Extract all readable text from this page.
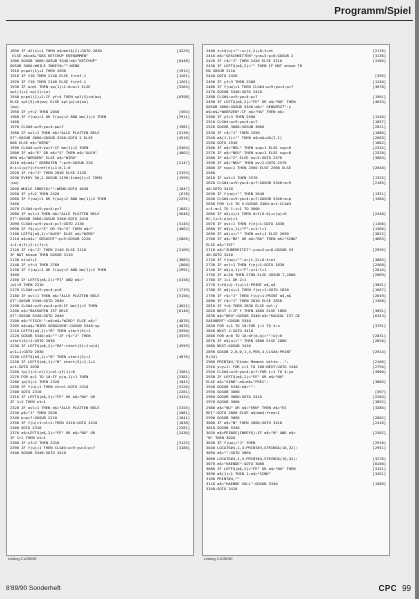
Programm/Spiel
1890 IF d2(n)=1 THEN a$=mel$(2):GOTO 2030	[4229]
ELSE a$=a$+"DAS KETCHUP ENTNOMMEN"
1900 GOSUB 3060:GOSUB 5340:a$="KETCHUP"	[6448]
GOSUB 3060:WHILE INKEY$="":WEND
1910 p=pol(1)+1 THEN 2030	[1912]
1910 IF f10 THEN 2140 ELSE f=ref-1	[1261]
1920 IF f10 THEN 2140 ELSE f=ref-1	[1261]
1930 IF w=ml THEN sp(1)=1:d=w=1 ELSE	[5384]
spl(1)+1 sp(1)=(w)
1940 p=pol(1)+1:IF yf=4 THEN spl(5)=d(ow)	[6398]
ELSE spl(5)=d(ow) ELSE spl(p)=d(ow)
(ow)
1950 IF yf=2 THEN 2050	[564]
1960 IF f(uw)=1 OR f(uw)=2 AND bm(1)=2 THEN	[2911]
1460
1970 CLS#4:w=9:yw=4:pw=7	[1981]
1980 IF ovl=1 THEN a$="ALLE PLATTEN BELE	[5136]
GT":GOSUB 3060:GOSUB 5340:GOTO 2 ELSE	[4518]
000 ELSE a$="WIRD"
1990 CLS#4:w=9:yw=7:IF bm(1)=2 THEN	[5364]
2000 IF a$="E" OR a$="S" THEN a$="AUCH"	[4062]
HEN a$="WERDEN" ELSE a$="WIRD"
2010 a$=a$+" GEBRATEN ":p=9:GOSUB 220	[2147]
0:i=1:p(f)=f=ref(n)+1:0,1:0
2020 IF r$="J" THEN 2030 ELSE 2120	[3153]
2030 EVERY 50,2 GOSUB 2190:I=bm(1)=2 THEN	[1999]
(uw)
2040 WHILE INKEY$="":WEND:GOTO 4040	[1847]
2050 IF yf=2 THEN 2420	[678]
2060 IF f(uw)=1 OR f(uw)=2 AND bm(1)=2 THEN	[2291]
3460
2070 CLS#4:w=9:yw=4:p=7	[1681]
2080 IF ovl=1 THEN a$="ALLE PLATTEN BELE	[5046]
GT":GOSUB 3060:GOSUB 5340:GOTO 3410
2090 CLS#4:w=9:yw=4:p=7:GOTO 2130	[3145]
2090 IF f$(u)="E" OR f$="S" THEN a$="	[4062]
2100 LEFT$(a$,1)="AUCH" ELSE a$="WIRD"
2110 a$=a$+" GEKOCHT":p=9:GOSUB 2220	[2805]
i=1:d(f)=2:i(f)=1
2120 IF r$="J" THEN 2140 ELSE 3110	[2109]
IF NOT answe THEN GOSUB 3110
2130 ol=ol+1	[3083]
2140 IF yf=4 THEN 2760	[860]
2150 IF f(uw)=1 OR f(uw)=2 AND bm(1)=2 THEN	[2991]
3460
2160 IF LEFT$(a$,2)="PI" AND a$="	[4158]
(w)=9 THEN 2210
2170 CLS#4:w=9:yw=4:p=8	[1719]
2180 IF ovl=1 THEN a$="ALLE PLATTEN BELE	[5156]
GT":GOSUB 5340:GOTO 2040
2190 CLS#4:w=9:yw=4:p=8:IF bm(1)=2 THEN	[4021]
2200 a$="BACKOFEN IST BELE	[6140]
GT":GOSUB 5340:GOTO 2040
2200 a$="FISCH ":a$=a$+"WIRD" ELSE a$="	[4076]
2205 a$=a$+"WIRD GEBACKEN":GOSUB 5340:sp	[4076]
2210 LEFT$(a$,1)="B" THEN start(5)=1	[5590]
2220 GOSUB 5340:a$="":IF r$="J" THEN	[4559]
start(5)=1:GOTO 2030
2230 IF LEFT$(a$,2)="BA":start(5)=1:m(d)	[4559]
w=1+1:GOTO 2030
2240 LEFT$(a$,1)="B" THEN start(5)=1	[4876]
2250 IF LEFT$(a$,1)="B" start(5)=1,1+1
w=1:GOTO 2030
2260 lp(1)=1:nl(1)=ol:yf(1)=0	[1581]
2270 FOR q=1 TO 10:IF p(q,1)=1 THEN	[2381]
2280 ip(5)=1 THEN 2320	[1042]
2290 IF f(u)=1 THEN nt=nl:GOTO 2310	[5120]
2300 GOTO 2310	[2281]
2310 IF LEFT$(a$,2)="FE" OR a$="NU" OR	[3434]
IF 1=1 THEN nt=1
2320 IF ovl=1 THEN a$="ALLE PLATTEN BELE	[3155]
2330 p$="J" THEN 2030	[2081]
2340 p=p=7:GOSUB 2210	[1041]
2350 IF f(u)=1:nl=1:THEN 2410:GOTO 2410	[1038]
2360 GOTO 2310	[2281]
2370 a$=LEFT$(a$,2)="FE" OR a$="NU" OR	[2430]
IF 1=1 THEN nt=1
2380 IF yf=2 THEN 2410	[3125]
2390 IF f(u)=1 THEN CLS#4:w=9:yw=4:p=7	[3186]
2400 GOSUB 5340:GOTO 3410
2400 t=t$(u)="":u=(t,2)+0:t=nt	[2176]
2410 a$="GESCHNITTEN":y=m+5:p=8:GOSUB 2	[3136]
2420 IF r$="J" THEN 2420 ELSE 3110	[3105]
2430 IF LEFT$(a$,2)="" THEN IF NOT answe TH
EN GOSUB 3110
2440 GOTO 2420	[395]
2450 IF yf=3 THEN 2500	[1240]
2460 IF f(uw)=1 THEN CLS#4:w=9:yw=4:p=7	[3078]
2470 GOSUB 5340:GOTO 3410
2480 CLS#4:w=9:yw=4:p=7	[1901]
2490 IF LEFT$(a$,2)="FE" OR a$="NU" THEN	[4633]
GOSUB 3060:GOSUB 5340:a$=" GEWUERZT":y
a$=a$+"WUERZEN":IF a$="HA" THEN a$=
2500 IF yf=3 THEN 2500	[1240]
2510 CLS#4:w=9:yw=4:p=7	[1857]
2520 GOSUB 3060:GOSUB 3060	[2021]
2530 IF r$="J" THEN 2550	[1086]
2540 a$(1,1)="" THEN a$=a$+d$(2,1)	[2683]
2550 GOTO 2530	[1082]
2560 IF a$="BEL" THEN sup=1 ELSE sup=0	[2332]
2570 IF a$="NEU" THEN sup=1 ELSE sup=0	[2328]
2580 IF a$="2" ELSE ov=2:GOTO 2570	[3083]
2590 IF a$="NEU" THEN ov=2:GOTO 2570
2600 IF sup=1 THEN 2560 ELSE 2560 ELSE	[2648]
2580
2610 IF sel=1 THEN 2570	[1325]
2620 CLS#4:w=9:yw=4:p=7:GOSUB 5340:a=9	[2185]
40:GOTO 3410
2630 IF f(uw)="" THEN 2640	[1351]
2640 CLS#4:w=9:yw=4:p=7:GOSUB 5340:a=p	[1580]
2650 FOR l=1 TO 5:GOSUB 3460:a=1:CLS#4
s=1:m=1 TO 1:i=1 TO 5000
2660 IF a$(u)=1 THEN d=f(0.0)+c(q)=0	[2438]
6C,1)=1:a(e)=1
2670 IF ovl=1 THEN f(e)=1:GOTO 1830	[1168]
2680 IF a$(u,1)="F":u=1:l=1	[1366]
2690 IF a$(u)="" THEN ovl+1 ELSE 2690	[3022]
2700 IF a$="BE" OR a$="BA" THEN a$="SIND"	[4683]
ELSE a$="IST"
2710 a$="ZUBEREITET":y=m+5:p=8:GOSUB 53	[2995]
40:GOTO 3410
2720 IF f(uw)="":u=(t,2)+0:t=nt	[3085]
2730 IF ovl=1 THEN f(e)=1:GOTO 1830	[2568]
2740 IF a$(u,1)="F":u=1:l=1	[2016]
2750 IF b=20 THEN 2780 ELSE GOSUB 7,2000	[2009]
2760 IF 1=1 OR 2=1
2770 f=f$(u):f(u)=1:PRINT a$,a$	[3091]
2780 IF a$(u)=1 THEN f(e)=1:GOTO 1830	[1667]
2790 IF r$="J" THEN f(u)=1:PRINT a$,a$	[2649]
2800 IF r$="J" THEN 2810 ELSE 2820	[1368]
2810 IF f=0 THEN 2830 ELSE ovl:j
2820 NEXT J:IF f THEN 1860 ELSE 1860	[3091]
2830 a$="NEU":GOSUB 5340:a$="KALKUL IST GE	[6343]
SAEUBERT":GOSUB 5340
2840 FOR i=1 TO 10:FOR j=1 TO 4:u	[3791]
2850 NEXT J:GOTO 3410
2860 FOR a=0 TO 10:df(d,a)="":U)=0	[2031]
2870 IF a$(u)="" THEN 2880 ELSE 2880	[2820]
2880 NEXT:GOSUB 3410
2890 GOSUB 2,8,0,1,4,PEN,4,CLS#4:PRINT	[2924]
R(34)
2900 PRINT#4,"Einen Moment bitte...":	[2106]
2910 y=y+1: FOR i=1 TO 100:NEXT:GOTO 1440	[2794]
2920 CLS#4:w=9:yw=4:p=7:FOR i=1 TO 4:yw	[3900]
2930 IF LEFT$(a$,2)="FE" OR a$="NU"
ELSE a$="SIND":a$=a$+"FREI":	[3805]
2940 GOSUB 5340:a$="":
2950 GOSUB 3060	[567]
2960 GOSUB 3060:GOTO 3410	[2204]
2970 GOSUB 3060	[3052]
2980 a$="NU" OR a$="ERN" THEN a$="ES	[3286]
REI":GOTO 2800 ELSE a$=bm$:free=1
2990 GOSUB 3060	[2802]
3000 IF a$="N" THEN 2800:GOTO 3410	[2416]
3010 GOSUB 5340
3020 a$=PEINGE(INKEY$):IF a$>"N" AND a$>	[2302]
"N" THEN 3020
3030 IF f(uw)="J" THEN	[2910]
3040 LOCATE#4,1,4:PRINT#4,STRING$(10,32):	[2951]
3050 a$="":GOTO 3060
3060 LOCATE#4,1,5:PRINT#4,STRING$(10,32):	[3276]
3070 a$="HAENDE":GOTO 3080	[8100]
3080 IF LEFT$(a$,2)="FE" OR a$="NU" THEN	[3151]
3090 a$(1)=1 THEN 1:a$="SIND"	[3451]
3100 PRINT#4,""
3110 a$="HAENDE VOLL":GOSUB 5340	[1589]
5340:GOTO 3410
Listing CUISINE	Listing CUISINE
8'89/90 Sonderheft	CPC 99
